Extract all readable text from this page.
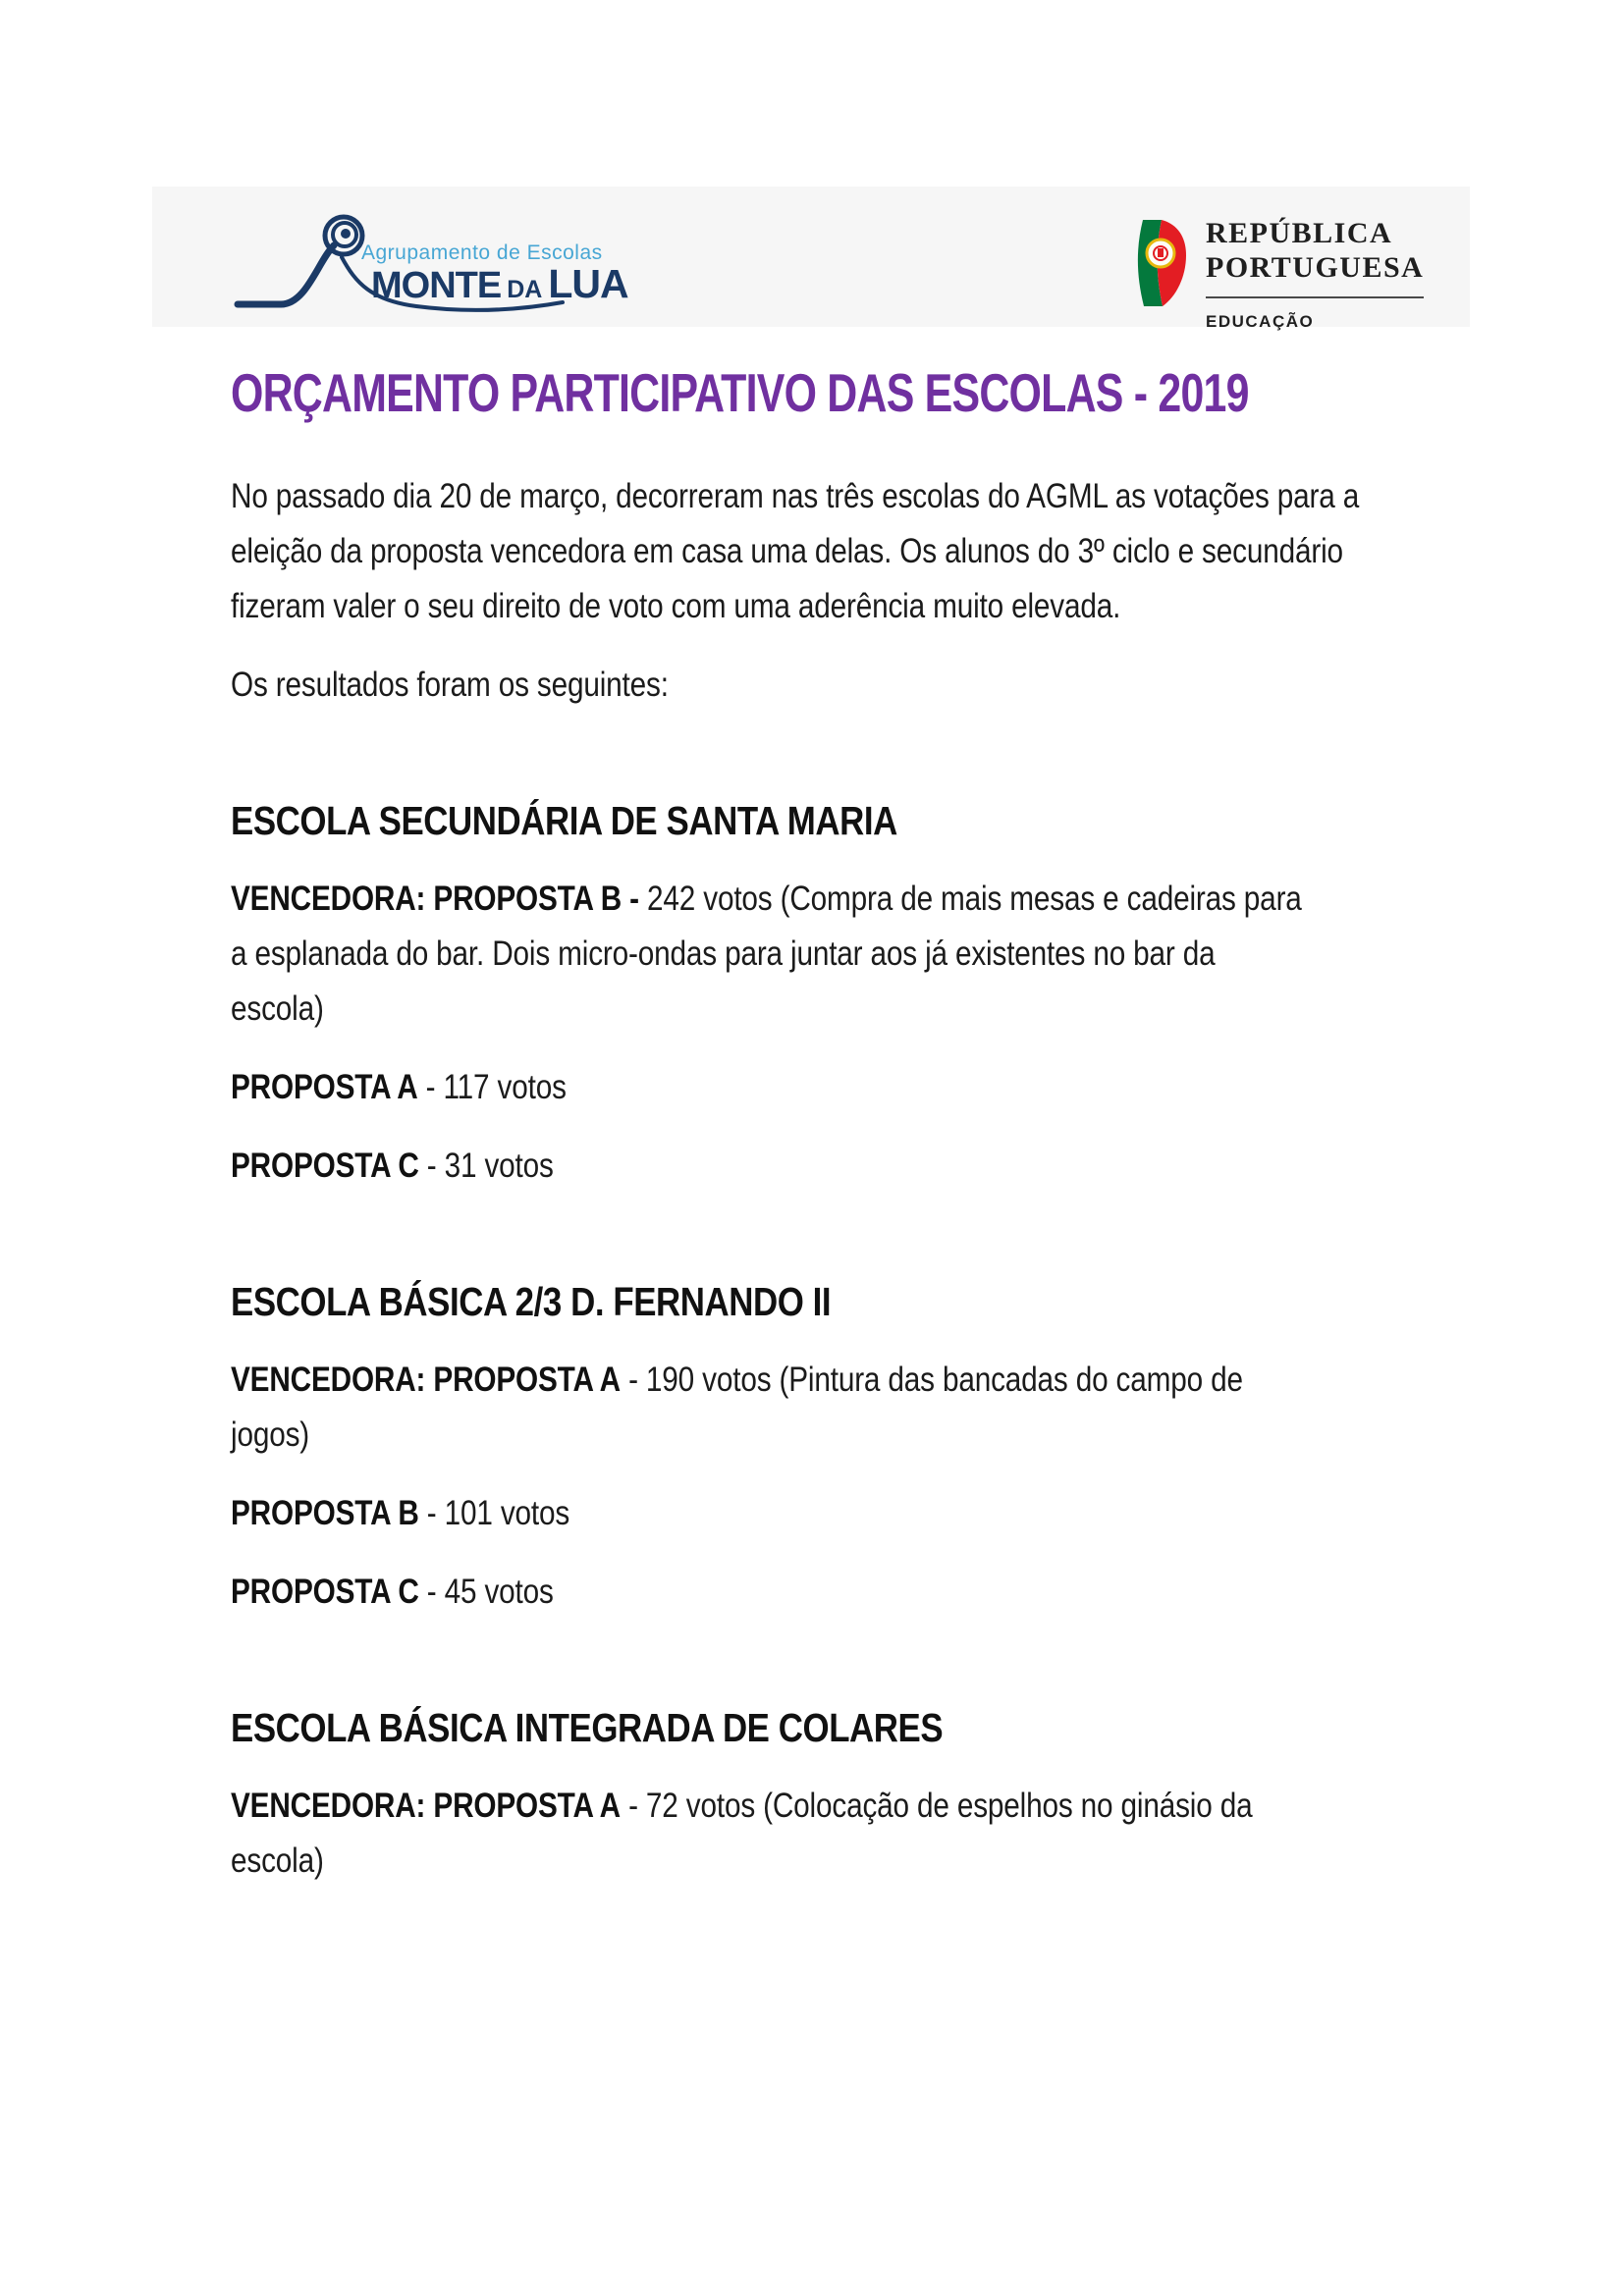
Agrupamento de Escolas
MONTE DA LUA
REPÚBLICA
PORTUGUESA
EDUCAÇÃO
ORÇAMENTO PARTICIPATIVO DAS ESCOLAS - 2019
No passado dia 20 de março, decorreram nas três escolas do AGML as votações para a
eleição da proposta vencedora em casa uma delas. Os alunos do 3º ciclo e secundário
fizeram valer o seu direito de voto com uma aderência muito elevada.
Os resultados foram os seguintes:
ESCOLA SECUNDÁRIA DE SANTA MARIA
VENCEDORA: PROPOSTA B - 242 votos (Compra de mais mesas e cadeiras para
a esplanada do bar. Dois micro-ondas para juntar aos já existentes no bar da
escola)
PROPOSTA A - 117 votos
PROPOSTA C - 31 votos
ESCOLA BÁSICA 2/3 D. FERNANDO II
VENCEDORA: PROPOSTA A - 190 votos (Pintura das bancadas do campo de
jogos)
PROPOSTA B - 101 votos
PROPOSTA C - 45 votos
ESCOLA BÁSICA INTEGRADA DE COLARES
VENCEDORA: PROPOSTA A - 72 votos (Colocação de espelhos no ginásio da
escola)
